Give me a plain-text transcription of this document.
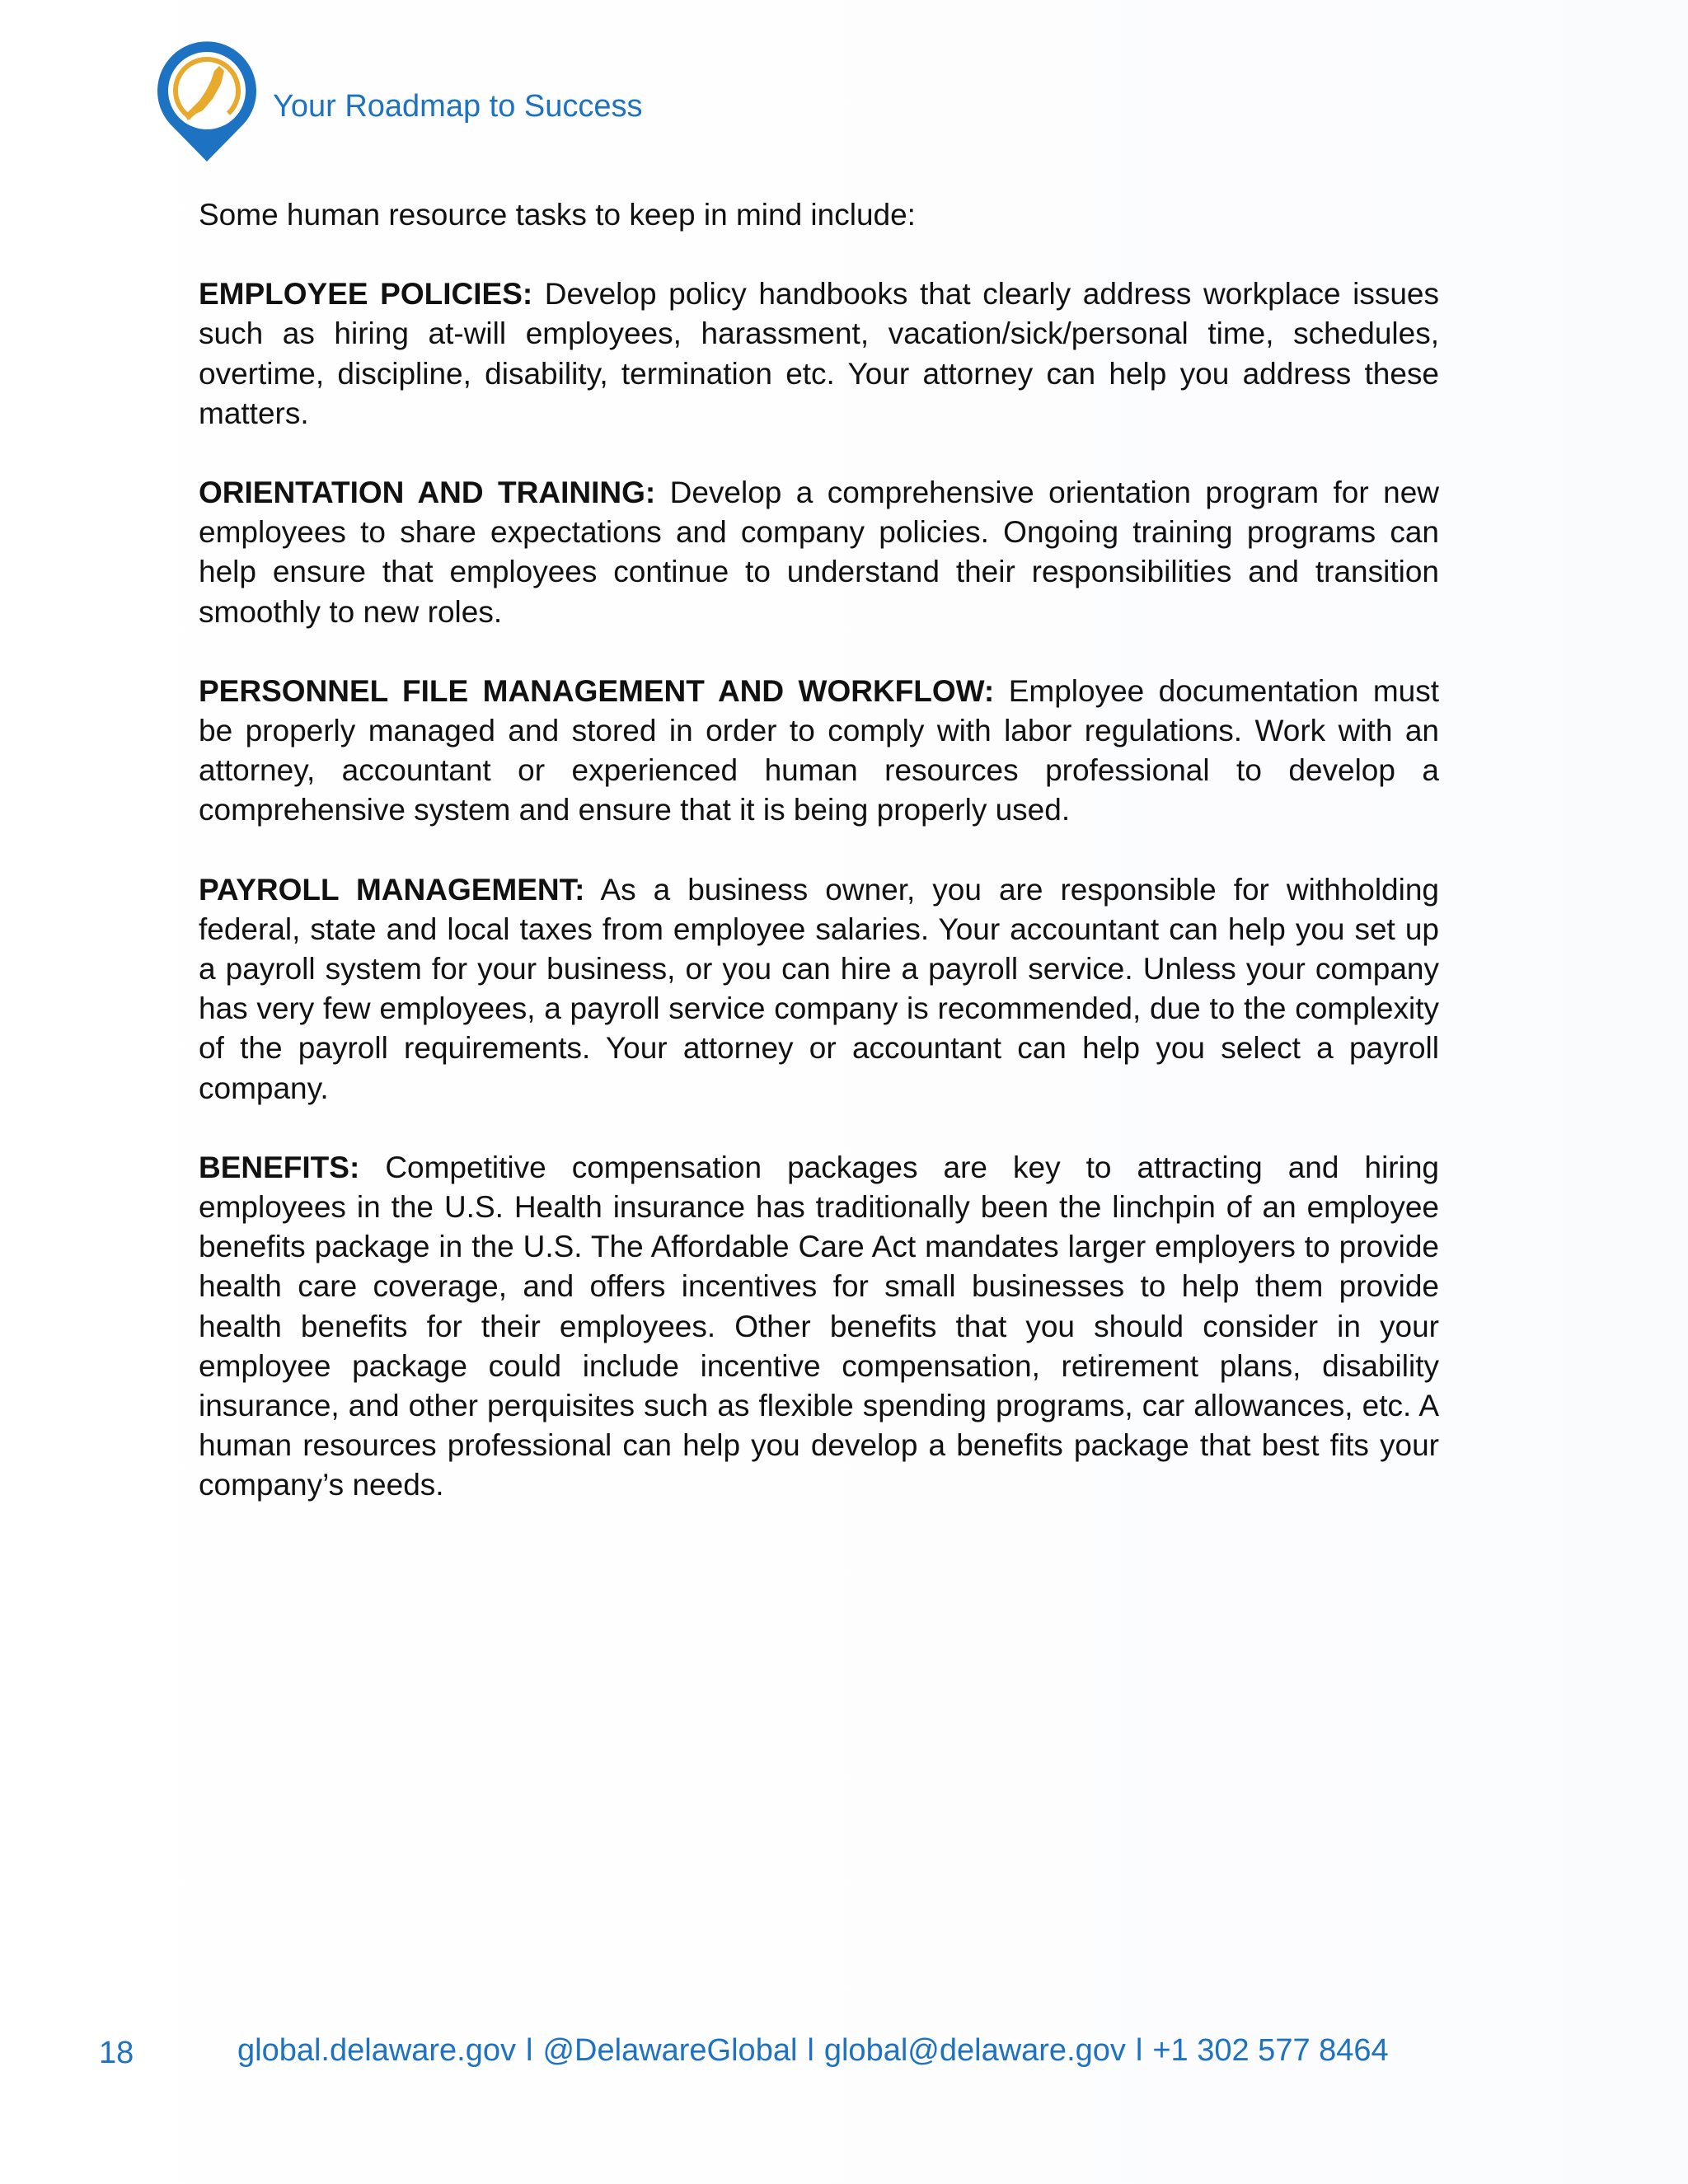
Your Roadmap to Success

Some human resource tasks to keep in mind include:

EMPLOYEE POLICIES: Develop policy handbooks that clearly address workplace issues such as hiring at-will employees, harassment, vacation/sick/personal time, schedules, overtime, discipline, disability, termination etc. Your attorney can help you address these matters.

ORIENTATION AND TRAINING: Develop a comprehensive orientation program for new employees to share expectations and company policies. Ongoing training programs can help ensure that employees continue to understand their responsibilities and transition smoothly to new roles.

PERSONNEL FILE MANAGEMENT AND WORKFLOW: Employee documentation must be properly managed and stored in order to comply with labor regulations. Work with an attorney, accountant or experienced human resources professional to develop a comprehensive system and ensure that it is being properly used.

PAYROLL MANAGEMENT: As a business owner, you are responsible for withholding federal, state and local taxes from employee salaries. Your accountant can help you set up a payroll system for your business, or you can hire a payroll service. Unless your company has very few employees, a payroll service company is recommended, due to the complexity of the payroll requirements. Your attorney or accountant can help you select a payroll company.

BENEFITS: Competitive compensation packages are key to attracting and hiring employees in the U.S. Health insurance has traditionally been the linchpin of an employee benefits package in the U.S. The Affordable Care Act mandates larger employers to provide health care coverage, and offers incentives for small businesses to help them provide health benefits for their employees. Other benefits that you should consider in your employee package could include incentive compensation, retirement plans, disability insurance, and other perquisites such as flexible spending programs, car allowances, etc. A human resources professional can help you develop a benefits package that best fits your company’s needs.

18	global.delaware.gov l @DelawareGlobal l global@delaware.gov l +1 302 577 8464
